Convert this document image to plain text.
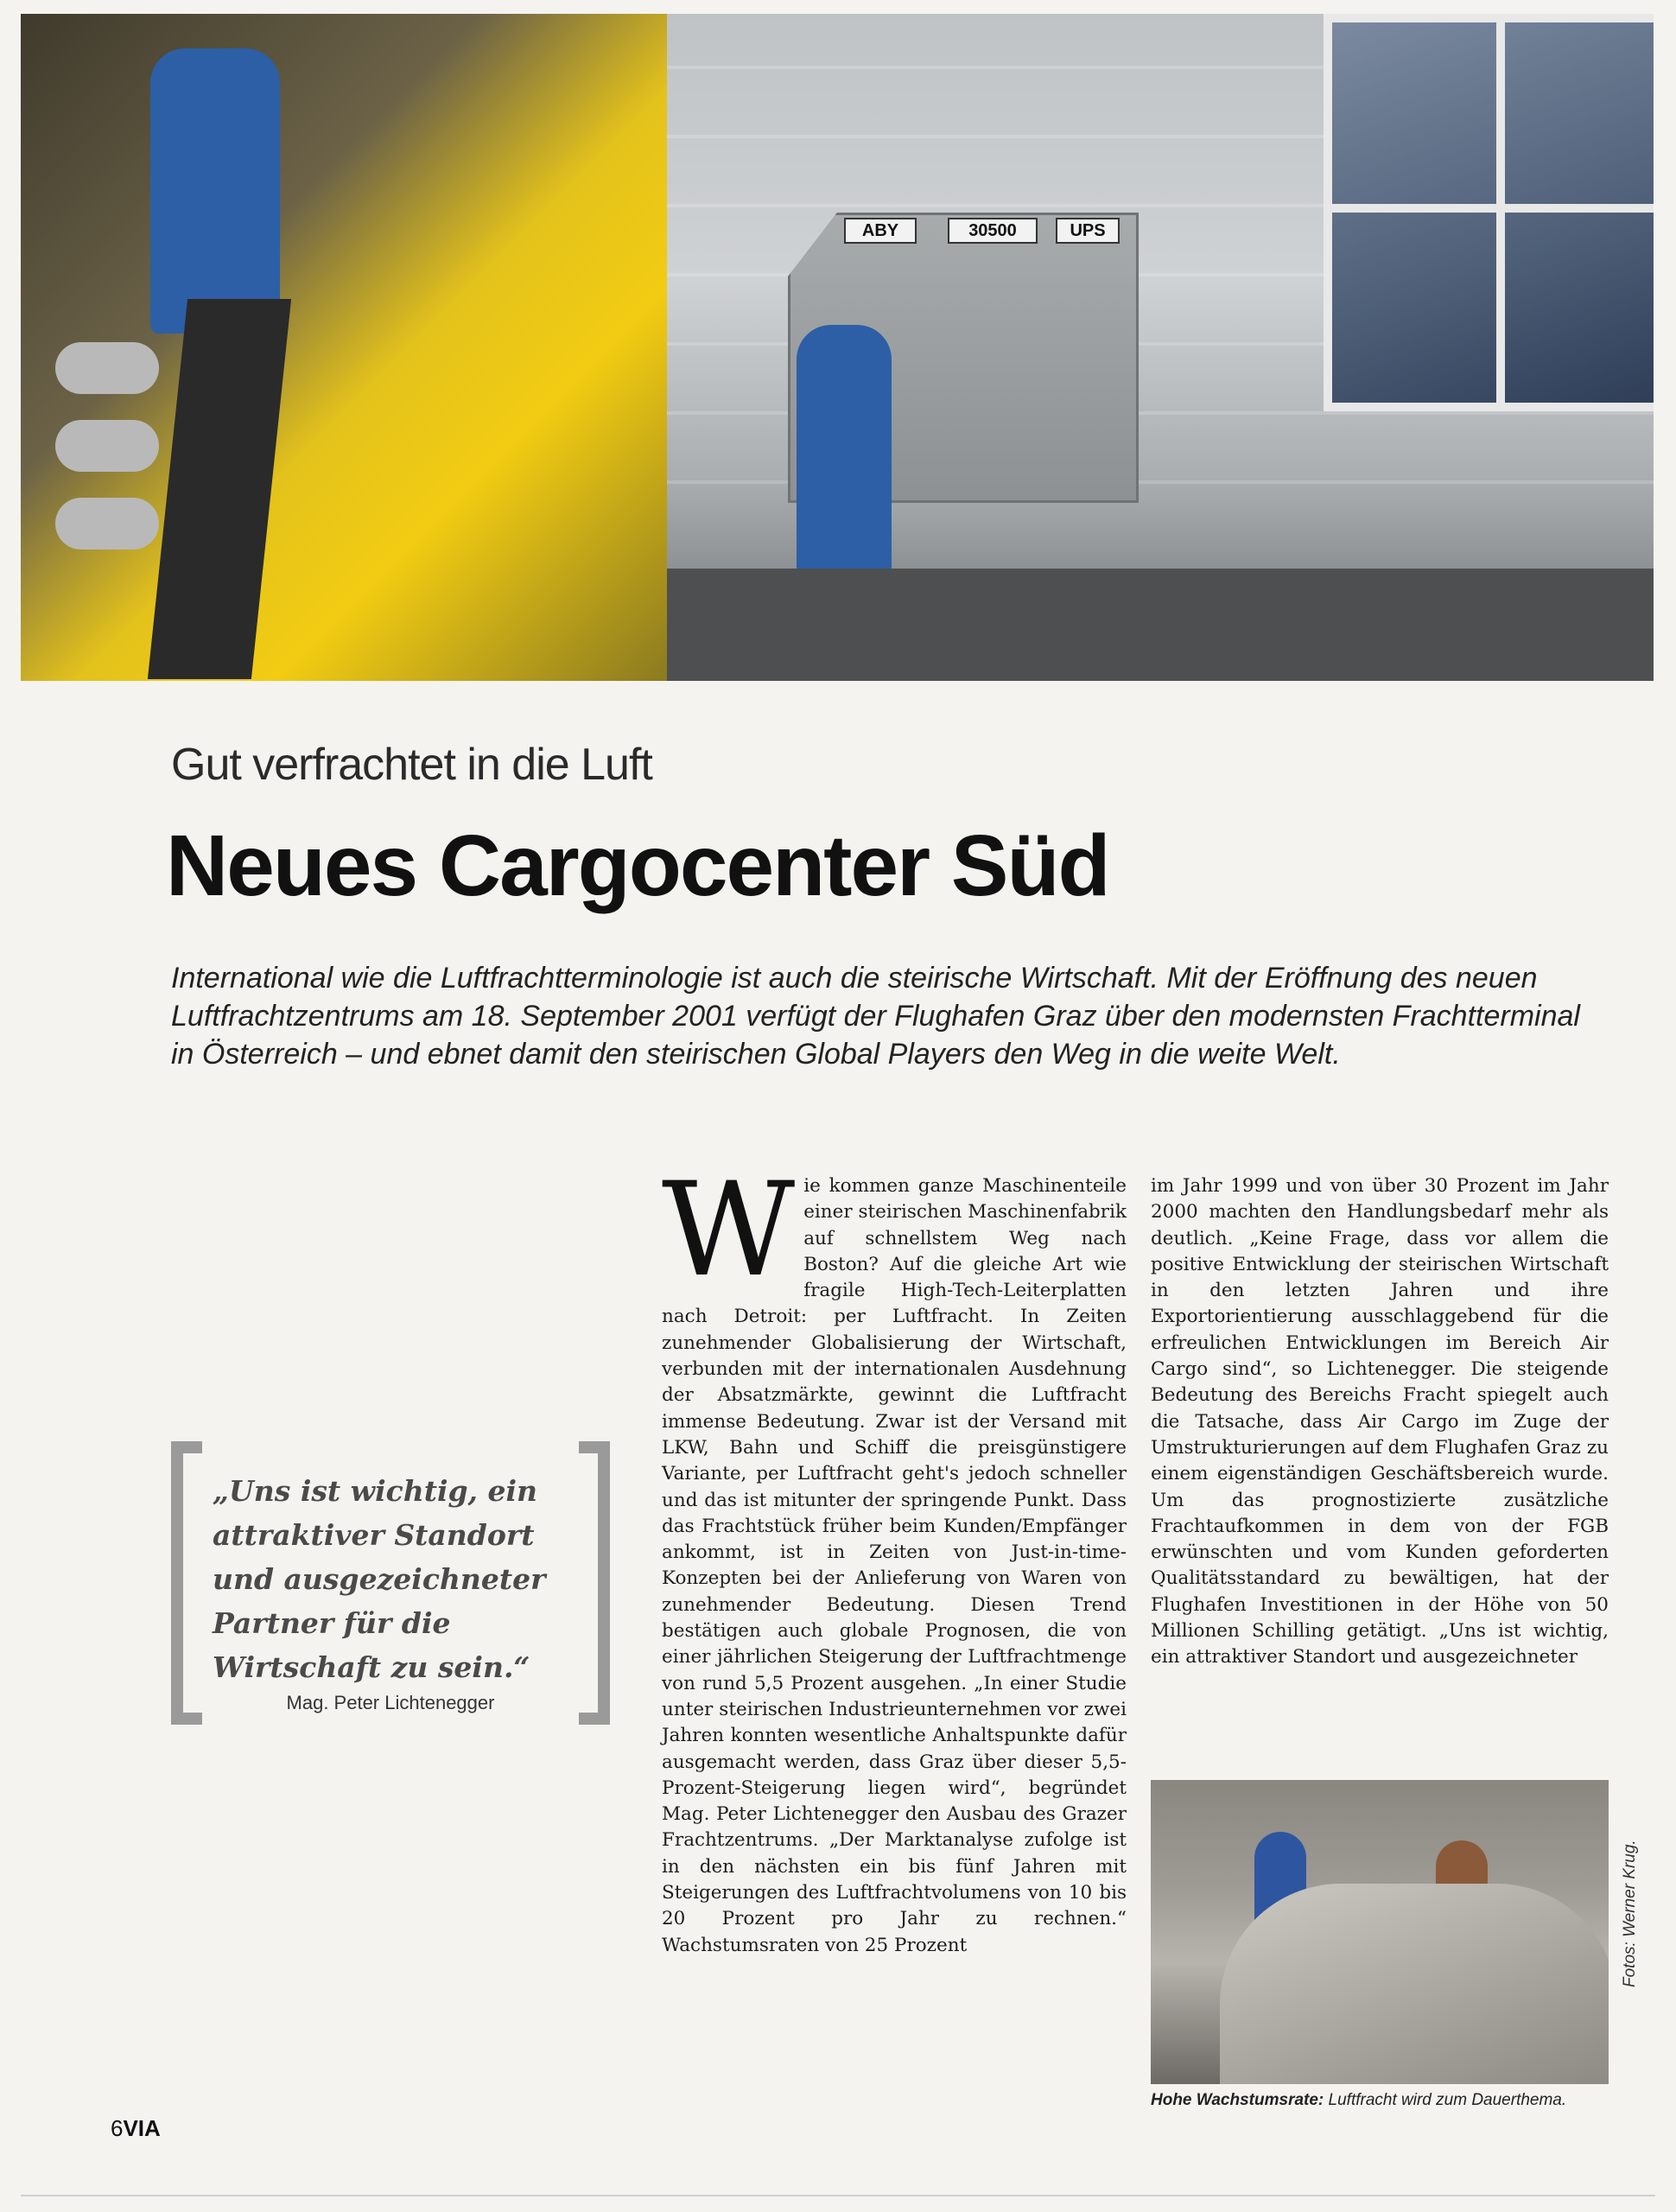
ABY	30500	UPS
Gut verfrachtet in die Luft
Neues Cargocenter Süd
International wie die Luftfrachtterminologie ist auch die steirische Wirtschaft. Mit der Eröffnung des neuen Luftfrachtzentrums am 18. September 2001 verfügt der Flughafen Graz über den modernsten Frachtterminal in Österreich – und ebnet damit den steirischen Global Players den Weg in die weite Welt.
„Uns ist wichtig, ein attraktiver Standort und ausgezeichneter Partner für die Wirtschaft zu sein.“
Mag. Peter Lichtenegger
Wie kommen ganze Maschinenteile einer steirischen Maschinenfabrik auf schnellstem Weg nach Boston? Auf die gleiche Art wie fragile High-Tech-Leiterplatten nach Detroit: per Luftfracht. In Zeiten zunehmender Globalisierung der Wirtschaft, verbunden mit der internationalen Ausdehnung der Absatzmärkte, gewinnt die Luftfracht immense Bedeutung. Zwar ist der Versand mit LKW, Bahn und Schiff die preisgünstigere Variante, per Luftfracht geht's jedoch schneller und das ist mitunter der springende Punkt. Dass das Frachtstück früher beim Kunden/Empfänger ankommt, ist in Zeiten von Just-in-time-Konzepten bei der Anlieferung von Waren von zunehmender Bedeutung. Diesen Trend bestätigen auch globale Prognosen, die von einer jährlichen Steigerung der Luftfrachtmenge von rund 5,5 Prozent ausgehen. „In einer Studie unter steirischen Industrieunternehmen vor zwei Jahren konnten wesentliche Anhaltspunkte dafür ausgemacht werden, dass Graz über dieser 5,5-Prozent-Steigerung liegen wird“, begründet Mag. Peter Lichtenegger den Ausbau des Grazer Frachtzentrums. „Der Marktanalyse zufolge ist in den nächsten ein bis fünf Jahren mit Steigerungen des Luftfrachtvolumens von 10 bis 20 Prozent pro Jahr zu rechnen.“ Wachstumsraten von 25 Prozent
im Jahr 1999 und von über 30 Prozent im Jahr 2000 machten den Handlungsbedarf mehr als deutlich. „Keine Frage, dass vor allem die positive Entwicklung der steirischen Wirtschaft in den letzten Jahren und ihre Exportorientierung ausschlaggebend für die erfreulichen Entwicklungen im Bereich Air Cargo sind“, so Lichtenegger. Die steigende Bedeutung des Bereichs Fracht spiegelt auch die Tatsache, dass Air Cargo im Zuge der Umstrukturierungen auf dem Flughafen Graz zu einem eigenständigen Geschäftsbereich wurde. Um das prognostizierte zusätzliche Frachtaufkommen in dem von der FGB erwünschten und vom Kunden geforderten Qualitätsstandard zu bewältigen, hat der Flughafen Investitionen in der Höhe von 50 Millionen Schilling getätigt. „Uns ist wichtig, ein attraktiver Standort und ausgezeichneter
Hohe Wachstumsrate: Luftfracht wird zum Dauerthema.
Fotos: Werner Krug.
6VIA
